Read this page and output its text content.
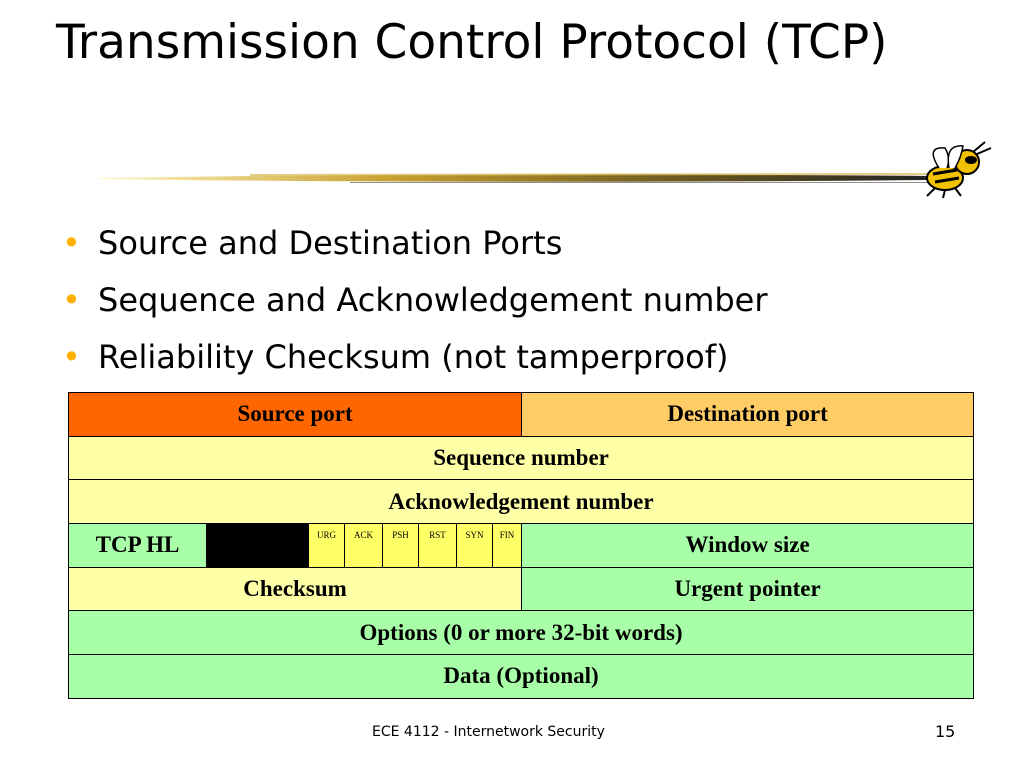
Transmission Control Protocol (TCP)
• Source and Destination Ports
• Sequence and Acknowledgement number
• Reliability Checksum (not tamperproof)
Source port								Destination port
Sequence number								
Acknowledgement number								
TCP HL		URG	ACK	PSH	RST	SYN	FIN	Window size
Checksum								Urgent pointer
Options (0 or more 32-bit words)								
Data (Optional)								
ECE 4112 - Internetwork Security	15
